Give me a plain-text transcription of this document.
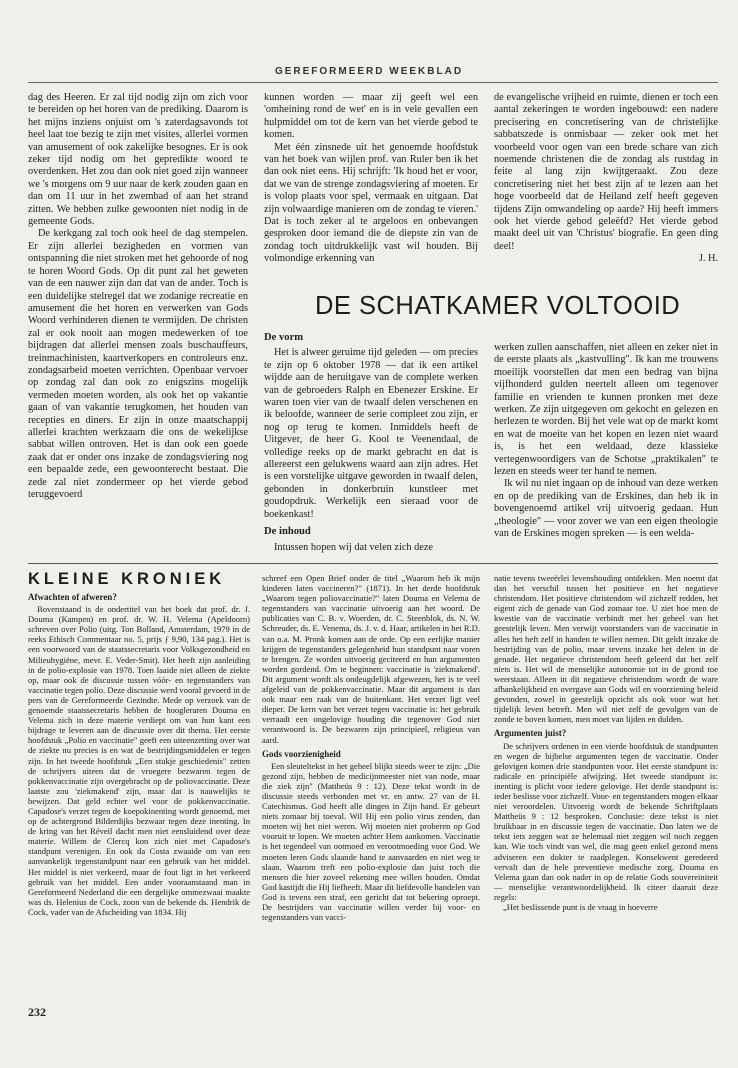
GEREFORMEERD WEEKBLAD

dag des Heeren. Er zal tijd nodig zijn om zich voor te bereiden op het horen van de prediking. Daarom is het mijns inziens onjuist om 's zaterdagsavonds tot heel laat toe bezig te zijn met visites, allerlei vormen van amusement of ook zakelijke besognes. Er is ook zeker tijd nodig om het gepredikte woord te overdenken. Het zou dan ook niet goed zijn wanneer we 's morgens om 9 uur naar de kerk zouden gaan en dan om 11 uur in het zwembad of aan het strand zitten. We hebben zulke gewoonten niet nodig in de gemeente Gods.

De kerkgang zal toch ook heel de dag stempelen. Er zijn allerlei bezigheden en vormen van ontspanning die niet stroken met het gehoorde of nog te horen Woord Gods. Op dit punt zal het geweten van de een nauwer zijn dan dat van de ander. Toch is een duidelijke stelregel dat we zodanige recreatie en amusement die het horen en verwerken van Gods Woord verhinderen dienen te vermijden. De christen zal er ook nooit aan mogen medewerken of toe bijdragen dat allerlei mensen zoals buschauffeurs, treinmachinisten, kaartverkopers en controleurs enz. zondagsarbeid moeten verrichten. Openbaar vervoer op zondag zal dan ook zo enigszins mogelijk vermeden moeten worden, als ook het op vakantie gaan of van vakantie terugkomen, het houden van recepties en diners. Er zijn in onze maatschappij allerlei krachten werkzaam die ons de wekelijkse sabbat willen ontroven. Het is dan ook een goede zaak dat er onder ons inzake de zondagsviering nog een bepaalde zede, een gewoonterecht bestaat. Die zede zal niet zondermeer op het vierde gebod teruggevoerd

kunnen worden — maar zij geeft wel een 'omheining rond de wet' en is in vele gevallen een hulpmiddel om tot de kern van het vierde gebod te komen.

Met één zinsnede uit het genoemde hoofdstuk van het boek van wijlen prof. van Ruler ben ik het dan ook niet eens. Hij schrijft: 'Ik houd het er voor, dat we van de strenge zondagsviering af moeten. Er is volop plaats voor spel, vermaak en uitgaan. Dat zijn volwaardige manieren om de zondag te vieren.' Dat is toch zeker al te argeloos en onbevangen gesproken door iemand die de diepste zin van de zondag toch uitdrukkelijk vast wil houden. Bij volmondige erkenning van

de evangelische vrijheid en ruimte, dienen er toch een aantal zekeringen te worden ingebouwd: een nadere precisering en concretisering van de christelijke sabbatszede is onmisbaar — zeker ook met het voorbeeld voor ogen van een brede schare van zich noemende christenen die de zondag als rustdag in feite al lang zijn kwijtgeraakt. Zou deze concretisering niet het best zijn af te lezen aan het hoge voorbeeld dat de Heiland zelf heeft gegeven tijdens Zijn omwandeling op aarde? Hij heeft immers ook het vierde gebod geleëfd? Het vierde gebod maakt deel uit van 'Christus' biografie. En geen ding deel!

J. H.
DE SCHATKAMER VOLTOOID
De vorm

Het is alweer geruime tijd geleden — om precies te zijn op 6 oktober 1978 — dat ik een artikel wijdde aan de heruitgave van de complete werken van de gebroeders Ralph en Ebenezer Erskine. Er waren toen vier van de twaalf delen verschenen en ik beloofde, wanneer de serie compleet zou zijn, er nog op terug te komen. Inmiddels heeft de Uitgever, de heer G. Kool te Veenendaal, de volledige reeks op de markt gebracht en dat is allereerst een gelukwens waard aan zijn adres. Het is een vorstelijke uitgave geworden in twaalf delen, gebonden in donkerbruin kunstleer met goudopdruk. Werkelijk een sieraad voor de boekenkast!

De inhoud

Intussen hopen wij dat velen zich deze

werken zullen aanschaffen, niet alleen en zeker niet in de eerste plaats als „kastvulling". Ik kan me trouwens moeilijk voorstellen dat men een bedrag van bijna vijfhonderd gulden neertelt alleen om tegenover familie en vrienden te kunnen pronken met deze werken. Ze zijn uitgegeven om gekocht en gelezen en herlezen te worden. Bij het vele wat op de markt komt en wat de moeite van het kopen en lezen niet waard is, is het een weldaad, deze klassieke vertegenwoordigers van de Schotse „praktikalen" te lezen en steeds weer ter hand te nemen.

Ik wil nu niet ingaan op de inhoud van deze werken en op de prediking van de Erskines, dan heb ik in bovengenoemd artikel vrij uitvoerig gedaan. Hun „theologie" — voor zover we van een eigen theologie van de Erskines mogen spreken — is een welda-

KLEINE KRONIEK
Afwachten of afweren?

Bovenstaand is de ondertitel van het boek dat prof. dr. J. Douma (Kampen) en prof. dr. W. H. Velema (Apeldoorn) schreven over Polio (uitg. Ton Bolland, Amsterdam, 1979 in de reeks Ethisch Commentaar no. 5, prijs ƒ 9,90, 134 pag.). Het is een voorwoord van de staatssecretaris voor Volksgezondheid en Milieuhygiëne, mevr. E. Veder-Smit). Het heeft zijn aanleiding in de polio-explosie van 1978. Toen laaide niet alleen de ziekte op, maar ook de discussie tussen vóór- en tegenstanders van vaccinatie tegen polio. Deze discussie werd vooral gevoerd in de pers van de Gereformeerde Gezindte. Mede op verzoek van de genoemde staatssecretaris hebben de hoogleraren Douma en Velema zich in deze materie verdiept om van hun kant een bijdrage te leveren aan de discussie over dit thema. Het eerste hoofdstuk „Polio en vaccinatie" geeft een uiteenzetting over wat de ziekte nu precies is en wat de bestrijdingsmiddelen er tegen zijn. In het tweede hoofdstuk „Een stukje geschiedenis" zetten de schrijvers uiteen dat de vroegere bezwaren tegen de pokkenvaccinatie zijn overgebracht op de poliovaccinatie. Deze laatste zou 'ziekmakend' zijn, maar dat is nauwelijks te bewijzen. Dat geld echter wel voor de pokkenvaccinatie. Capadose's verzet tegen de koepokinenting wordt genoemd, met op de achtergrond Bilderdijks bezwaar tegen deze inenting. In de kring van het Réveil dacht men niet eensluidend over deze materie. Willem de Clercq kon zich niet met Capadose's standpunt verenigen. En ook da Costa zwaaide om van een aanvankelijk tegenstandpunt naar een gebruik van het middel. Het middel is niet verkeerd, maar de fout ligt in het verkeerd gebruik van het middel. Een ander vooraanstaand man in Gereformeerd Nederland die een dergelijke ommezwaai maakte was ds. Helenius de Cock, zoon van de bekende ds. Hendrik de Cock, vader van de Afscheiding van 1834. Hij

schreef een Open Brief onder de titel „Waarom heb ik mijn kinderen laten vaccineren?" (1871). In het derde hoofdstuk „Waarom tegen poliovaccinatie?" laten Douma en Velema de tegenstanders van vaccinatie uitvoerig aan het woord. De publicaties van C. B. v. Woerden, dr. C. Steenblok, ds. N. W. Schreuder, ds. E. Venema, ds. J. v. d. Haar, artikelen in het R.D. van o.a. M. Pronk komen aan de orde. Op een eerlijke manier krijgen de tegenstanders gelegenheid hun standpunt naar voren te brengen. Ze worden uitvoerig geciteerd en hun argumenten worden gordend. Om te beginnen: vaccinatie is 'ziekmakend'. Dit argument wordt als ondeugdelijk afgewezen, het is te veel afgeleid van de pokkenvaccinatie. Maar dit argument is dan ook maar een raak van de buitenkant. Het verzet ligt veel dieper. De kern van het verzet tegen vaccinatie is: het gebruik verraadt een ongelovige houding die tegenover God niet verantwoord is. De bezwaren zijn principieel, religieus van aard.

Gods voorzienigheid

Een sleuteltekst in het geheel blijkt steeds weer te zijn: „Die gezond zijn, hebben de medicijnmeester niet van node, maar die ziek zijn" (Mattheüs 9 : 12). Deze tekst wordt in de discussie steeds verbonden met vr. en antw. 27 van de H. Catechismus. God heeft alle dingen in Zijn hand. Er gebeurt niets zomaar bij toeval. Wil Hij een polio virus zenden, dan moeten wij het niet weren. Wij moeten niet proberen op God vooruit te lopen. We moeten achter Hem aankomen. Vaccinatie is het tegendeel van ootmoed en verootmoeding voor God. We moeten leren Gods slaande hand te aanvaarden en niet weg te slaan. Waarom treft een polio-explosie dan juist toch die mensen die hier zoveel rekening mee willen houden. Omdat God kastijdt die Hij liefheeft. Maar dit liefdevolle handelen van God is tevens een straf, een gericht dat tot bekering oproept. De bestrijders van vaccinatie willen verder bij voor- en tegenstanders van vacci-

natie tevens tweeërlei levenshouding ontdekken. Men noemt dat dan het verschil tussen het positieve en het negatieve christendom. Het positieve christendom wil zichzelf redden, het eigent zich de genade van God zomaar toe. U ziet hoe men de kwestie van de vaccinatie verbindt met het geheel van het geestelijk leven. Men verwijt voorstanders van de vaccinatie in alles het heft zelf in handen te willen nemen. Dit geldt inzake de bestrijding van de polio, maar tevens inzake het delen in de genade. Het negatieve christendom heeft geleerd dat het zelf niets is. Het wil de menselijke autonomie tot in de grond toe weerstaan. Alleen in dit negatieve christendom wordt de ware afhankelijkheid en overgave aan Gods wil en voorziening beleid gevonden, zowel in geestelijk opzicht als ook voor wat het tijdelijk leven betreft. Men wil niet zelf de gevolgen van de zonde te boven komen, men moet van lijden en dulden.

Argumenten juist?

De schrijvers ordenen in een vierde hoofdstuk de standpunten en wegen de bijbelse argumenten tegen de vaccinatie. Onder gelovigen komen drie standpunten voor. Het eerste standpunt is: radicale en principiële afwijzing. Het tweede standpunt is: inenting is plicht voor iedere gelovige. Het derde standpunt is: ieder beslisse voor zichzelf. Voor- en tegenstanders mogen elkaar niet veroordelen. Uitvoerig wordt de bekende Schriftplaats Mattheüs 9 : 12 besproken. Conclusie: deze tekst is niet bruikbaar in en discussie tegen de vaccinatie. Dan laten we de tekst iets zeggen wat ze helemaal niet zeggen wil noch zeggen kan. Wie toch vindt van wel, die mag geen enkel gezond mens adviseren een dokter te raadplegen. Konsekwent geredeerd vervalt dan de hele preventieve medische zorg. Douma en Velema gaan dan ook nader in op de relatie Gods souvereiniteit — menselijke verantwoordelijkheid. Ik citeer daaruit deze regels:

„Het beslissende punt is de vraag in hoeverre

232
